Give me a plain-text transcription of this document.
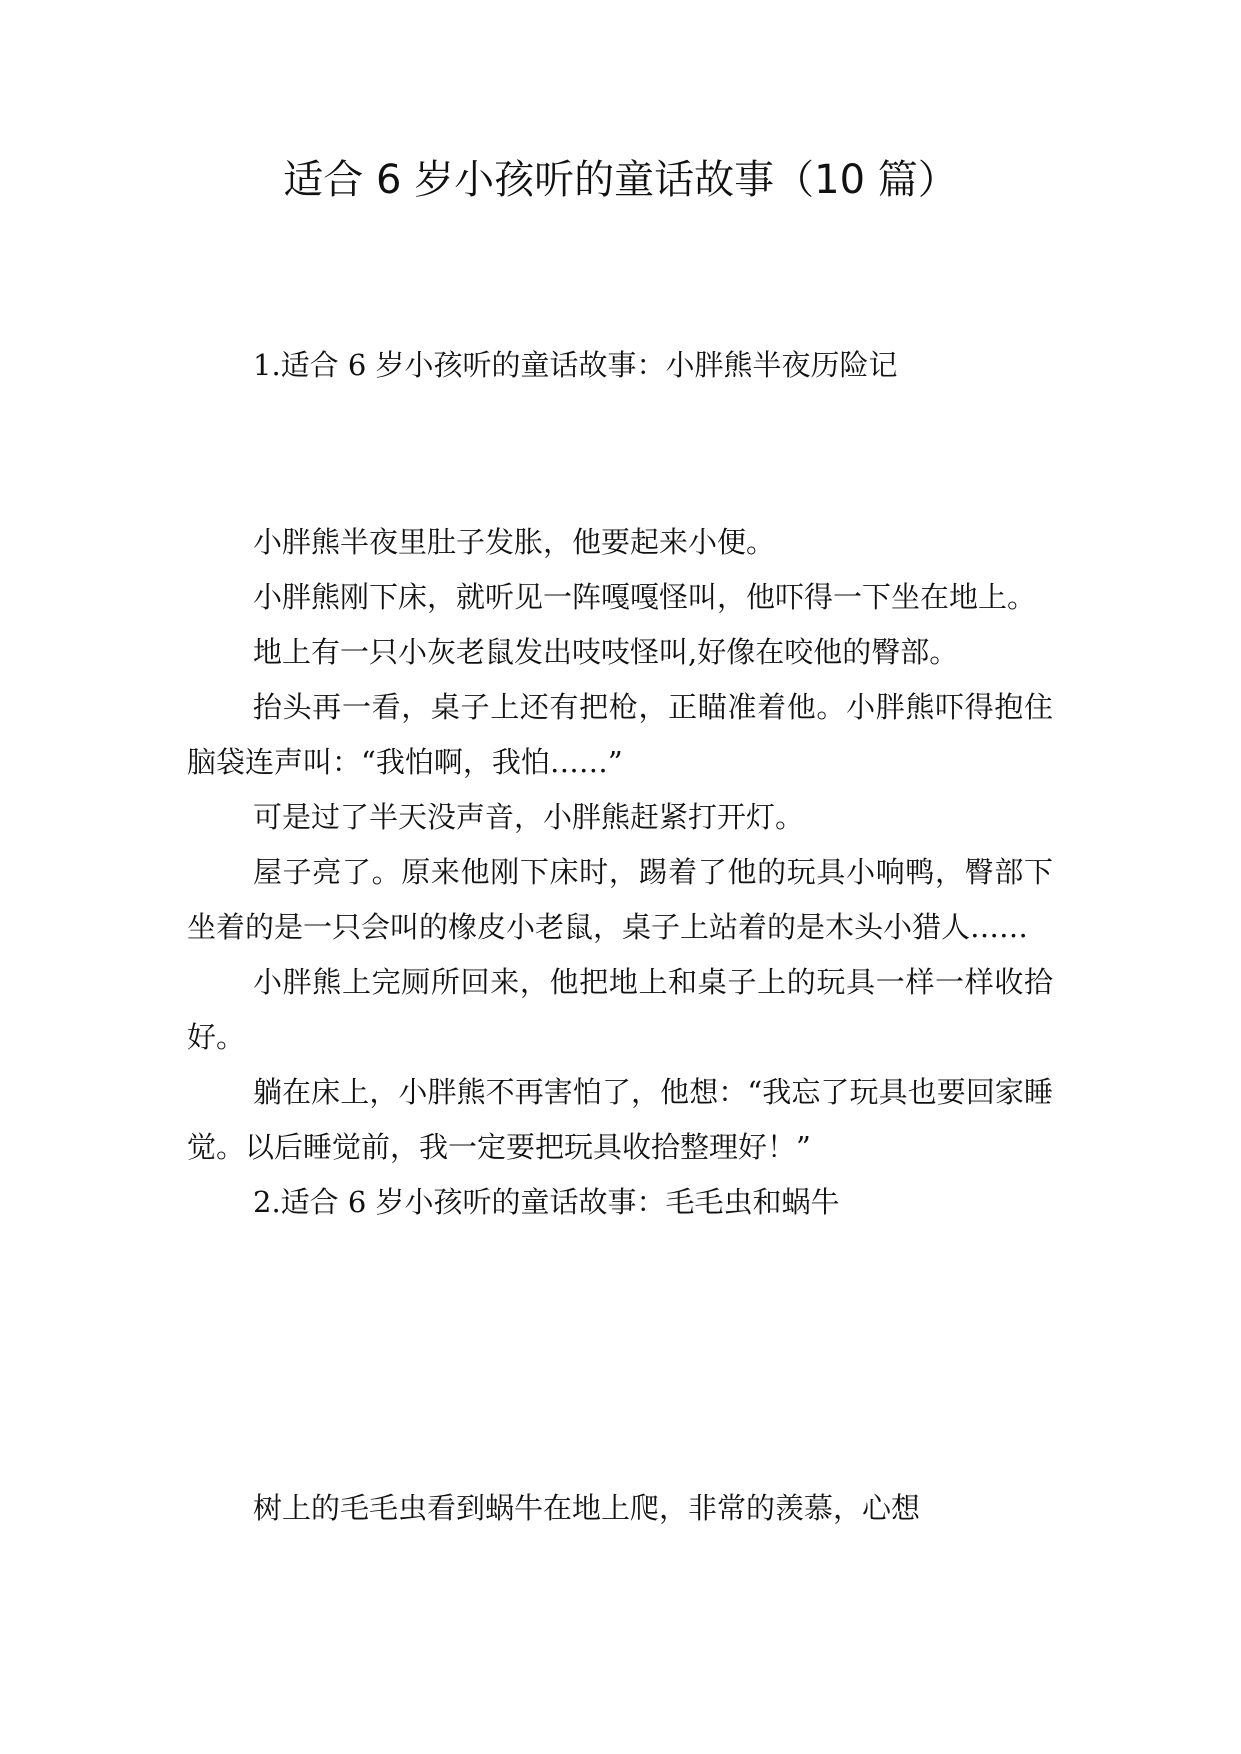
适合 6 岁小孩听的童话故事（10 篇）

1.适合 6 岁小孩听的童话故事：小胖熊半夜历险记

小胖熊半夜里肚子发胀，他要起来小便。

小胖熊刚下床，就听见一阵嘎嘎怪叫，他吓得一下坐在地上。

地上有一只小灰老鼠发出吱吱怪叫,好像在咬他的臀部。

抬头再一看，桌子上还有把枪，正瞄准着他。小胖熊吓得抱住脑袋连声叫：“我怕啊，我怕……”

可是过了半天没声音，小胖熊赶紧打开灯。

屋子亮了。原来他刚下床时，踢着了他的玩具小响鸭，臀部下坐着的是一只会叫的橡皮小老鼠，桌子上站着的是木头小猎人……

小胖熊上完厕所回来，他把地上和桌子上的玩具一样一样收拾好。

躺在床上，小胖熊不再害怕了，他想：“我忘了玩具也要回家睡觉。以后睡觉前，我一定要把玩具收拾整理好！”

2.适合 6 岁小孩听的童话故事：毛毛虫和蜗牛

树上的毛毛虫看到蜗牛在地上爬，非常的羡慕，心想
